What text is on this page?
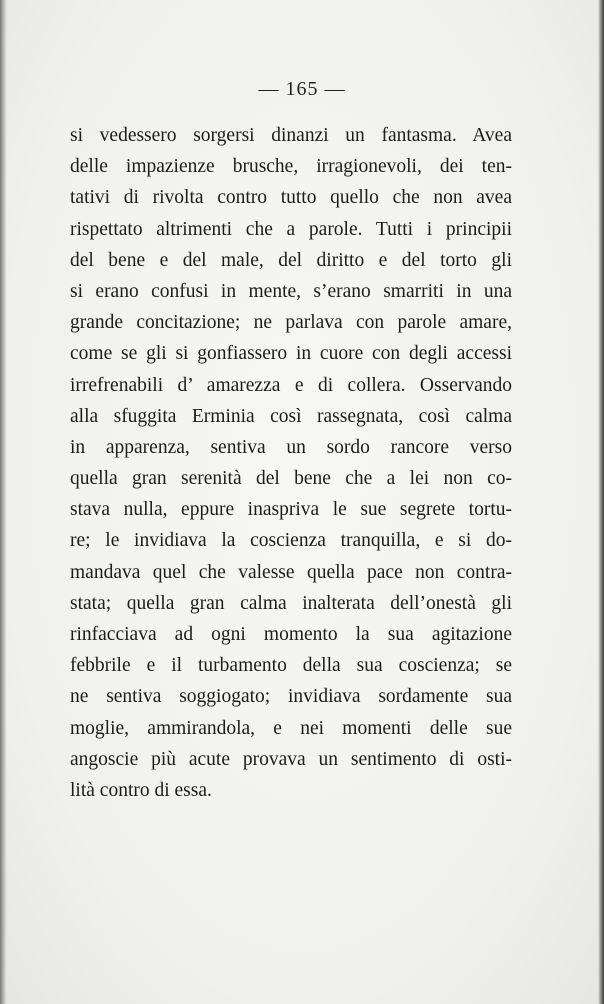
— 165 —
si vedessero sorgersi dinanzi un fantasma. Avea
delle impazienze brusche, irragionevoli, dei ten-
tativi di rivolta contro tutto quello che non avea
rispettato altrimenti che a parole. Tutti i principii
del bene e del male, del diritto e del torto gli
si erano confusi in mente, s’erano smarriti in una
grande concitazione; ne parlava con parole amare,
come se gli si gonfiassero in cuore con degli accessi
irrefrenabili d’ amarezza e di collera. Osservando
alla sfuggita Erminia così rassegnata, così calma
in apparenza, sentiva un sordo rancore verso
quella gran serenità del bene che a lei non co-
stava nulla, eppure inaspriva le sue segrete tortu-
re; le invidiava la coscienza tranquilla, e si do-
mandava quel che valesse quella pace non contra-
stata; quella gran calma inalterata dell’onestà gli
rinfacciava ad ogni momento la sua agitazione
febbrile e il turbamento della sua coscienza; se
ne sentiva soggiogato; invidiava sordamente sua
moglie, ammirandola, e nei momenti delle sue
angoscie più acute provava un sentimento di osti-
lità contro di essa.
